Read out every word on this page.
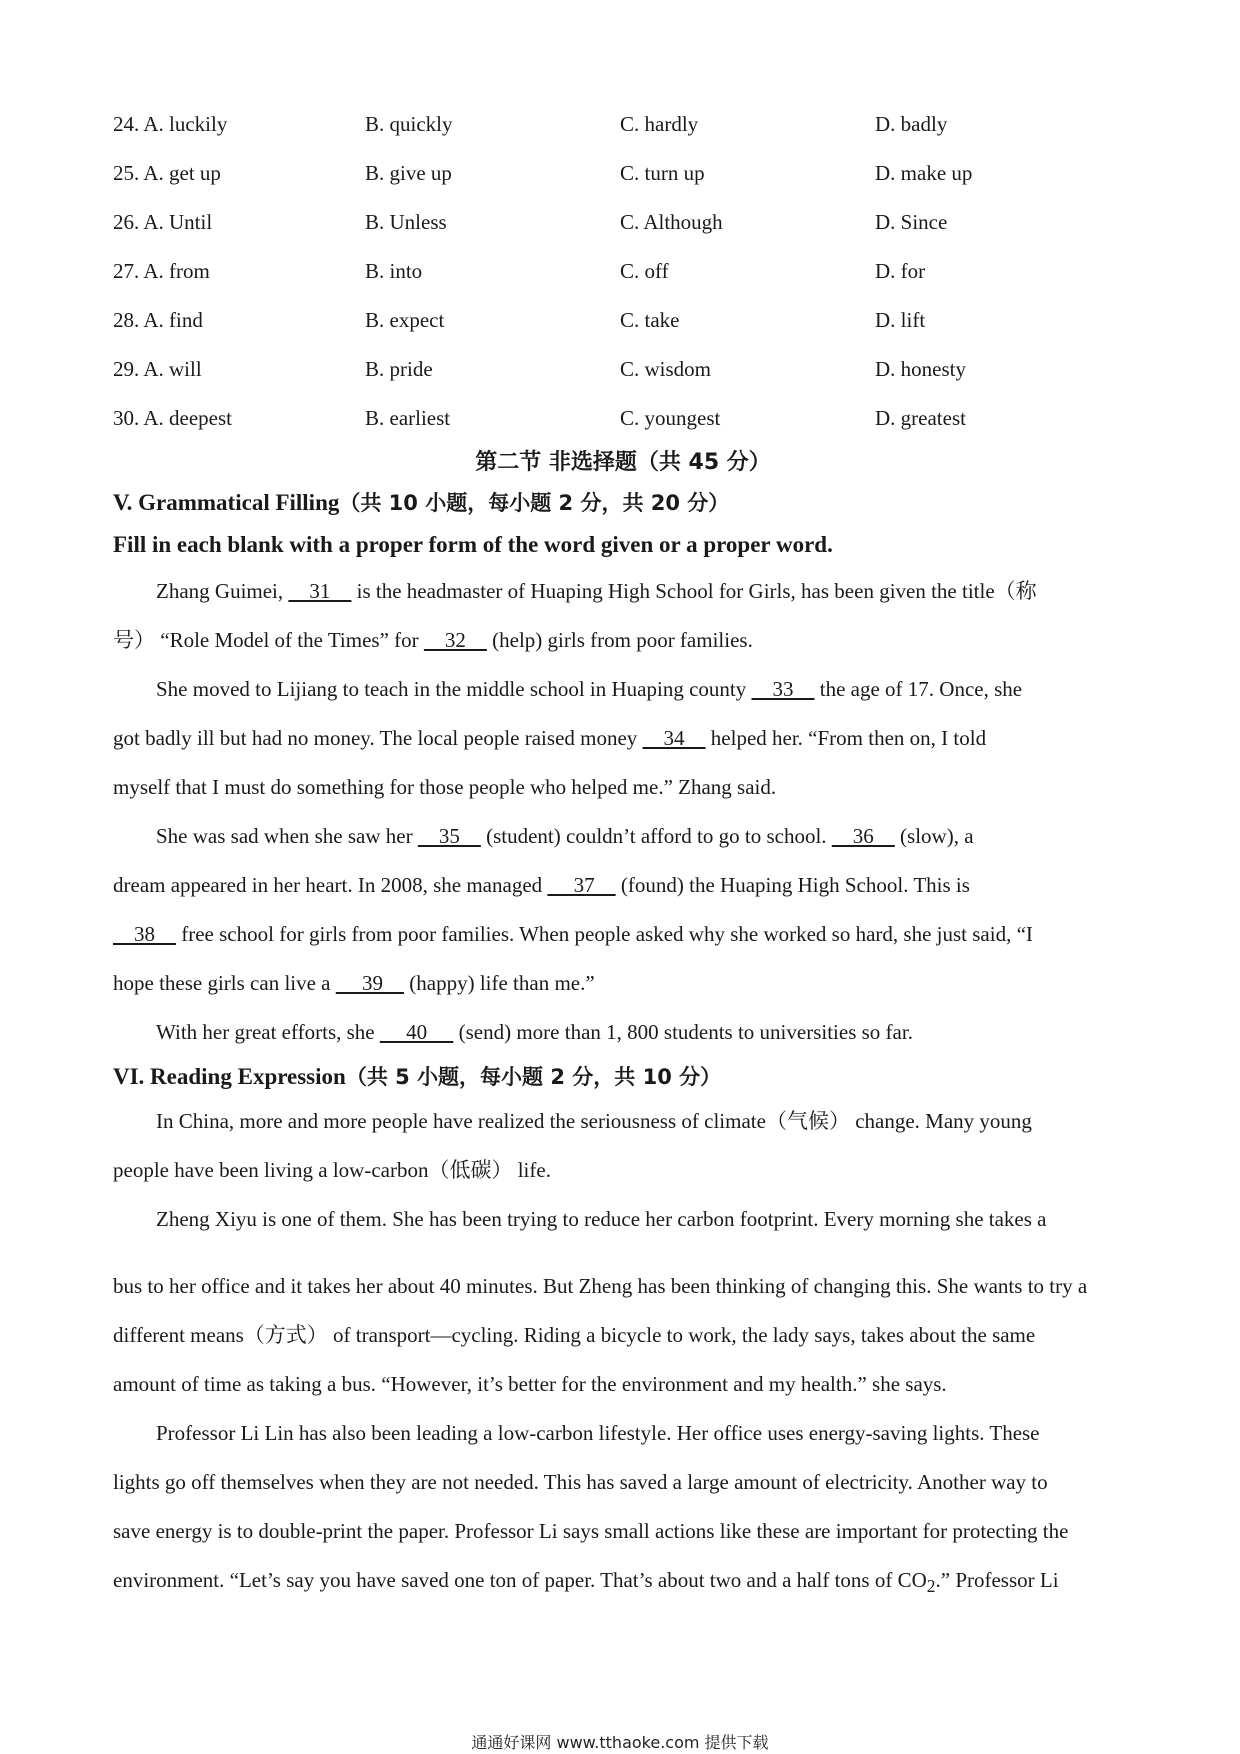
24. A. luckily	B. quickly	C. hardly	D. badly
25. A. get up	B. give up	C. turn up	D. make up
26. A. Until	B. Unless	C. Although	D. Since
27. A. from	B. into	C. off	D. for
28. A. find	B. expect	C. take	D. lift
29. A. will	B. pride	C. wisdom	D. honesty
30. A. deepest	B. earliest	C. youngest	D. greatest
第二节 非选择题（共 45 分）
V. Grammatical Filling（共 10 小题，每小题 2 分，共 20 分）
Fill in each blank with a proper form of the word given or a proper word.
Zhang Guimei,     31     is the headmaster of Huaping High School for Girls, has been given the title（称
号） “Role Model of the Times” for     32     (help) girls from poor families.
She moved to Lijiang to teach in the middle school in Huaping county     33     the age of 17. Once, she
got badly ill but had no money. The local people raised money     34     helped her. “From then on, I told
myself that I must do something for those people who helped me.” Zhang said.
She was sad when she saw her     35     (student) couldn’t afford to go to school.     36     (slow), a
dream appeared in her heart. In 2008, she managed      37     (found) the Huaping High School. This is
38     free school for girls from poor families. When people asked why she worked so hard, she just said, “I
hope these girls can live a      39     (happy) life than me.”
With her great efforts, she      40      (send) more than 1, 800 students to universities so far.
VI. Reading Expression（共 5 小题，每小题 2 分，共 10 分）
In China, more and more people have realized the seriousness of climate（气候） change. Many young
people have been living a low-carbon（低碳） life.
Zheng Xiyu is one of them. She has been trying to reduce her carbon footprint. Every morning she takes a
bus to her office and it takes her about 40 minutes. But Zheng has been thinking of changing this. She wants to try a
different means（方式） of transport—cycling. Riding a bicycle to work, the lady says, takes about the same
amount of time as taking a bus. “However, it’s better for the environment and my health.” she says.
Professor Li Lin has also been leading a low-carbon lifestyle. Her office uses energy-saving lights. These
lights go off themselves when they are not needed. This has saved a large amount of electricity. Another way to
save energy is to double-print the paper. Professor Li says small actions like these are important for protecting the
environment. “Let’s say you have saved one ton of paper. That’s about two and a half tons of $CO_2$.” Professor Li
通通好课网 www.tthaoke.com 提供下载
